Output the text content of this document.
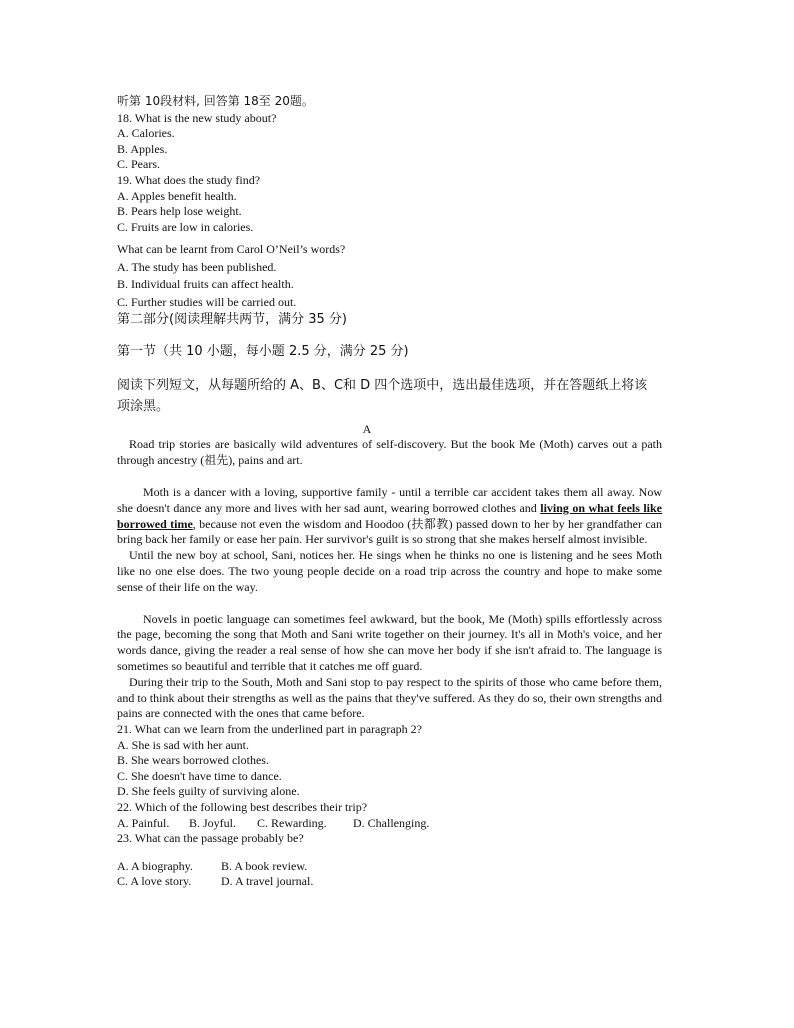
听第 10段材料, 回答第 18至 20题。
18. What is the new study about?
A. Calories.
B. Apples.
C. Pears.
19. What does the study find?
A. Apples benefit health.
B. Pears help lose weight.
C. Fruits are low in calories.
What can be learnt from Carol O’Neil’s words?
A. The study has been published.
B. Individual fruits can affect health.
C. Further studies will be carried out.
第二部分(阅读理解共两节，满分 35 分)
第一节（共 10 小题，每小题 2.5 分，满分 25 分)
阅读下列短文，从每题所给的 A、B、C和 D 四个选项中，选出最佳选项，并在答题纸上将该项涂黑。
A
Road trip stories are basically wild adventures of self-discovery. But the book Me (Moth) carves out a path through ancestry (祖先), pains and art.
Moth is a dancer with a loving, supportive family - until a terrible car accident takes them all away. Now she doesn't dance any more and lives with her sad aunt, wearing borrowed clothes and living on what feels like borrowed time, because not even the wisdom and Hoodoo (扶都教) passed down to her by her grandfather can bring back her family or ease her pain. Her survivor's guilt is so strong that she makes herself almost invisible.
Until the new boy at school, Sani, notices her. He sings when he thinks no one is listening and he sees Moth like no one else does. The two young people decide on a road trip across the country and hope to make some sense of their life on the way.
Novels in poetic language can sometimes feel awkward, but the book, Me (Moth) spills effortlessly across the page, becoming the song that Moth and Sani write together on their journey. It's all in Moth's voice, and her words dance, giving the reader a real sense of how she can move her body if she isn't afraid to. The language is sometimes so beautiful and terrible that it catches me off guard.
During their trip to the South, Moth and Sani stop to pay respect to the spirits of those who came before them, and to think about their strengths as well as the pains that they've suffered. As they do so, their own strengths and pains are connected with the ones that came before.
21. What can we learn from the underlined part in paragraph 2?
A. She is sad with her aunt.
B. She wears borrowed clothes.
C. She doesn't have time to dance.
D. She feels guilty of surviving alone.
22. Which of the following best describes their trip?
A. Painful. B. Joyful. C. Rewarding. D. Challenging.
23. What can the passage probably be?
A. A biography. B. A book review.
C. A love story. D. A travel journal.
